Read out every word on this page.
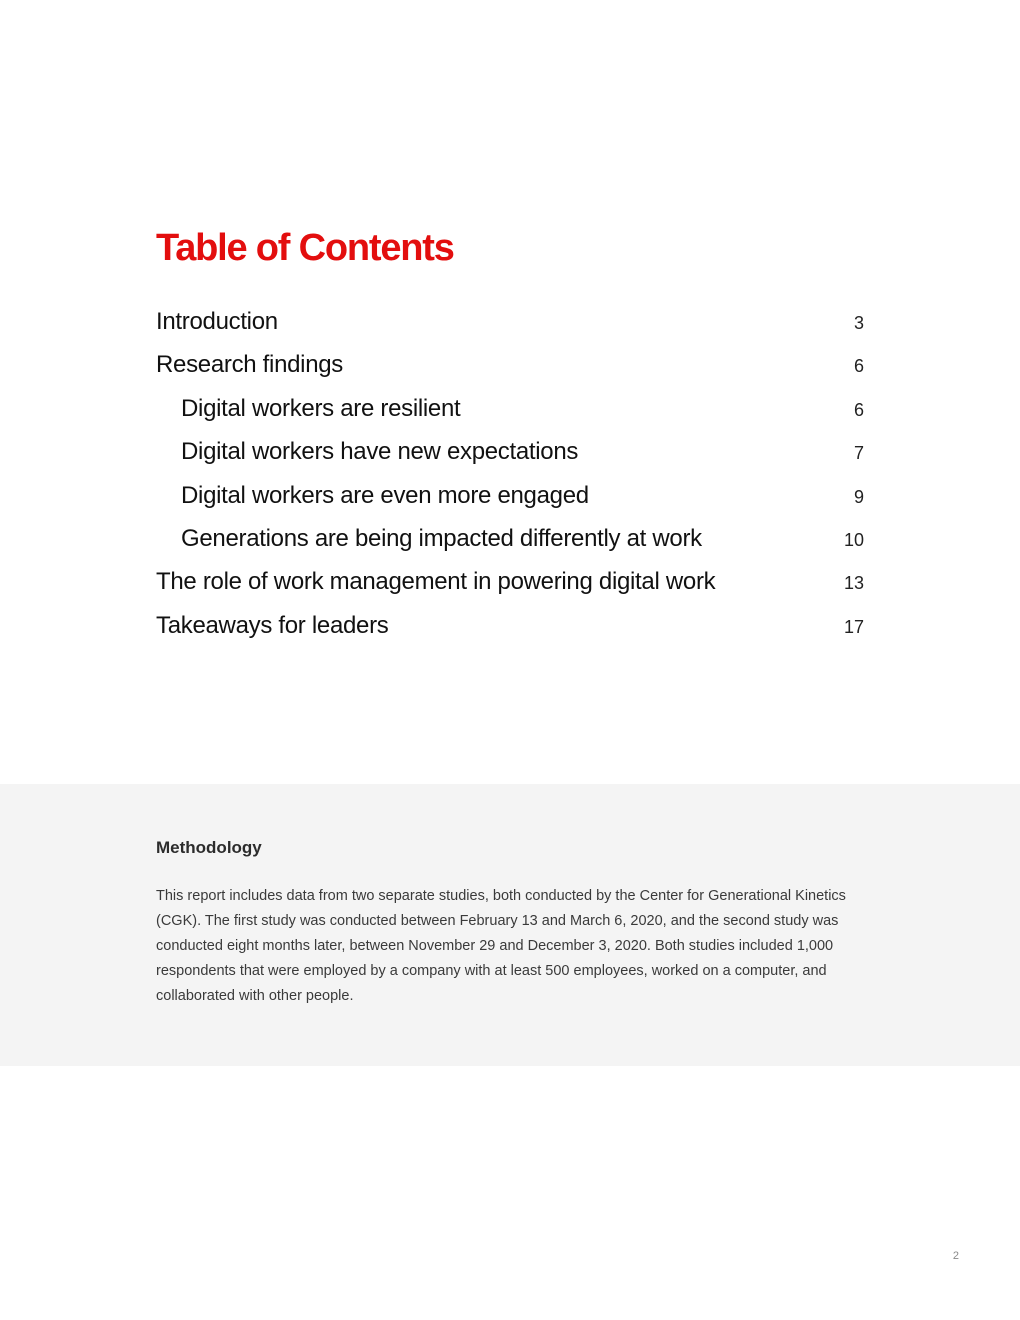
Table of Contents
Introduction	3
Research findings	6
Digital workers are resilient	6
Digital workers have new expectations	7
Digital workers are even more engaged	9
Generations are being impacted differently at work	10
The role of work management in powering digital work	13
Takeaways for leaders	17
Methodology

This report includes data from two separate studies, both conducted by the Center for Generational Kinetics (CGK). The first study was conducted between February 13 and March 6, 2020, and the second study was conducted eight months later, between November 29 and December 3, 2020. Both studies included 1,000 respondents that were employed by a company with at least 500 employees, worked on a computer, and collaborated with other people.

2
